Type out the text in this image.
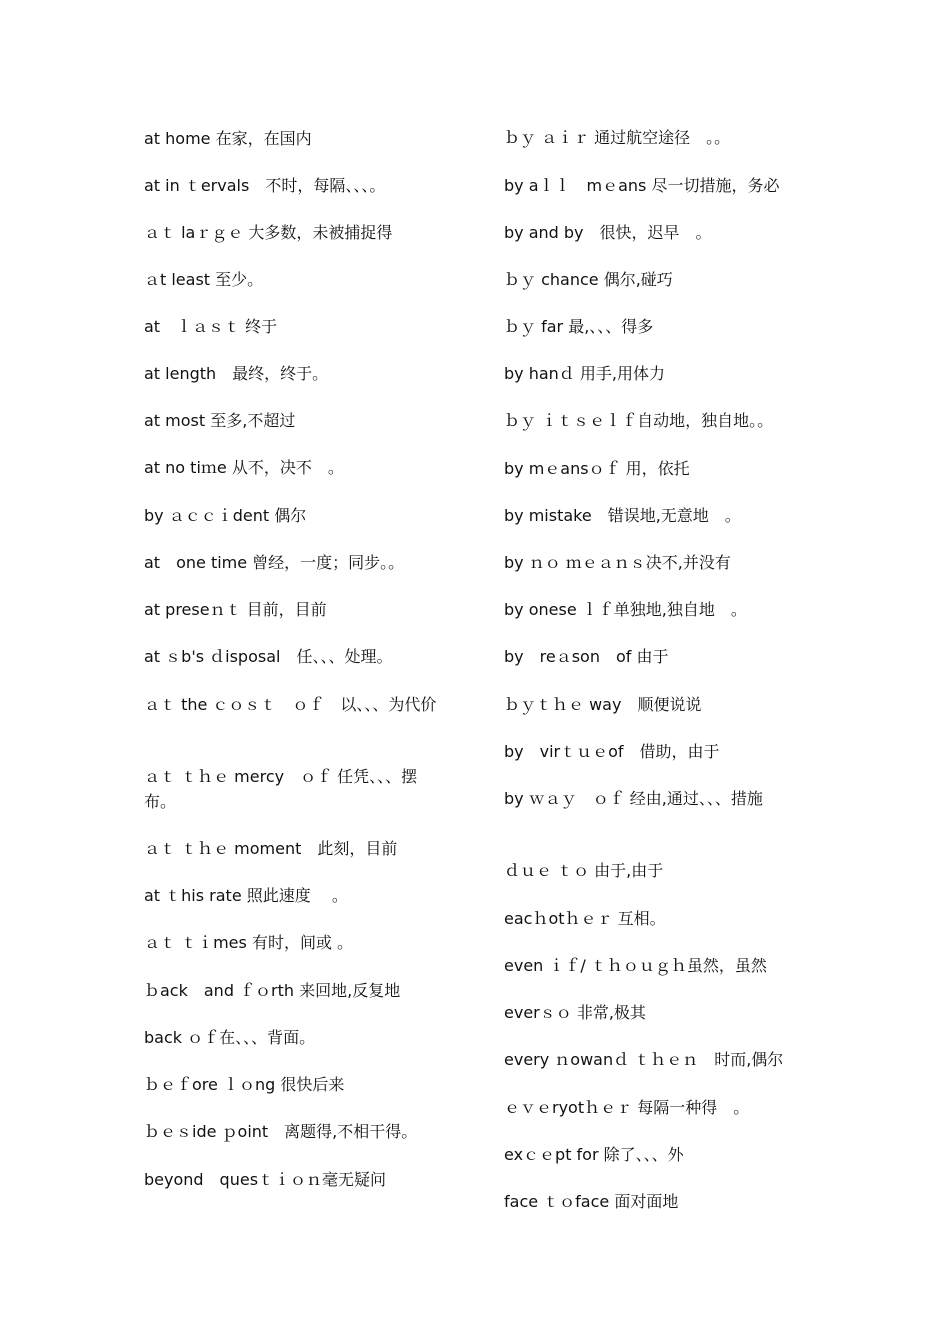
at home 在家，在国内
at in ｔervals　不时，每隔、、、。
ａｔ laｒｇｅ 大多数，未被捕捉得
ａt least 至少。
at　ｌａｓｔ 终于
at length　最终，终于。
at most 至多,不超过
at no tiｍe 从不，决不　。
by ａｃｃｉdent 偶尔
at　one time 曾经，一度；同步。。
at preseｎｔ 目前，目前
at ｓb's ｄisposal　任、、、处理。
ａｔ the ｃｏｓｔ　ｏｆ　以、、、为代价
ａｔ ｔｈｅ mercy　ｏｆ 任凭、、、摆布。
ａｔ ｔｈｅ moment　此刻，目前
at ｔhis rate 照此速度　 。
ａｔ ｔｉmes 有时，间或 。
ｂack　and ｆｏrth 来回地,反复地
back ｏｆ在、、、背面。
ｂｅｆore ｌｏng 很快后来
ｂｅｓide ｐoint　离题得,不相干得。
beyond　quesｔｉｏｎ毫无疑问
ｂｙ ａｉｒ 通过航空途径　。。
by aｌｌ　mｅans 尽一切措施，务必
by and by　很快，迟早　。
ｂｙ chance 偶尔,碰巧
ｂｙ far 最,、、、得多
by hanｄ 用手,用体力
ｂｙ ｉｔｓｅｌｆ自动地，独自地。。
by mｅansｏｆ 用，依托
by mistake　错误地,无意地　。
by ｎｏ ｍｅａｎｓ决不,并没有
by onese ｌｆ单独地,独自地　。
by　reａson　of 由于
ｂｙｔｈｅ way　顺便说说
by　virｔｕｅof　借助，由于
by ｗａｙ　ｏｆ 经由,通过、、、措施
ｄｕｅ ｔｏ 由于,由于
eacｈotｈｅｒ 互相。
even ｉｆ/ ｔｈｏｕｇｈ虽然，虽然
everｓｏ 非常,极其
every ｎowanｄ ｔｈｅｎ　时而,偶尔
ｅｖｅryotｈｅｒ 每隔一种得　。
exｃｅpt for 除了、、、外
face ｔｏface 面对面地
